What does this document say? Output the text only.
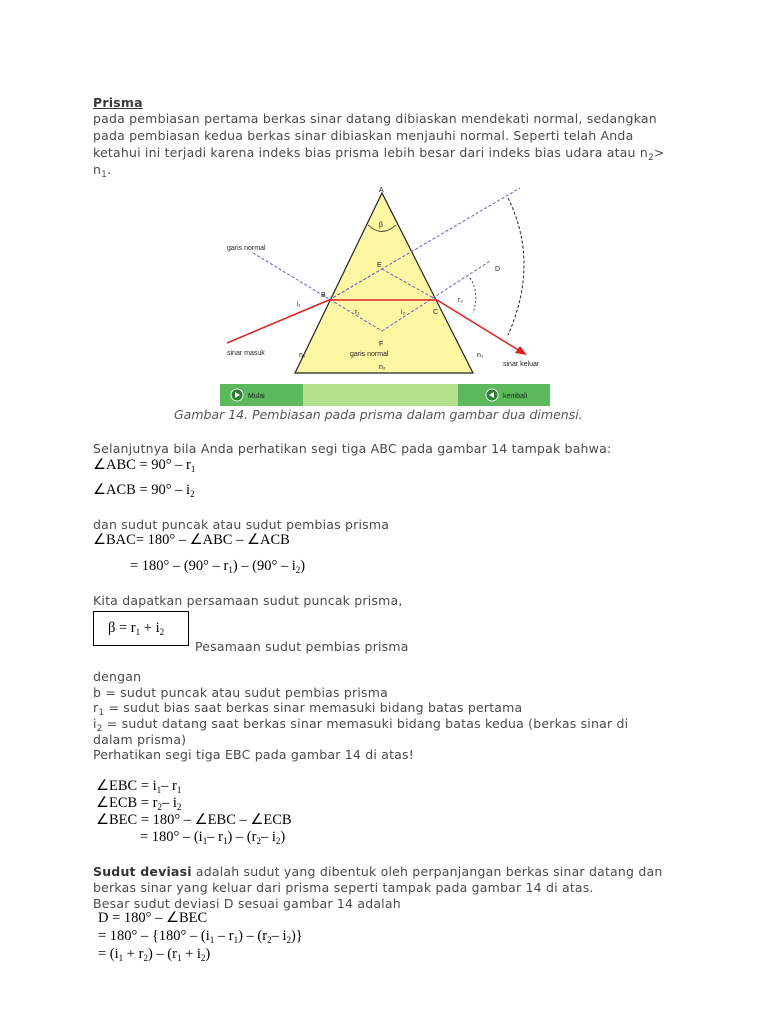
Prisma
pada pembiasan pertama berkas sinar datang dibiaskan mendekati normal, sedangkan
pada pembiasan kedua berkas sinar dibiaskan menjauhi normal. Seperti telah Anda
ketahui ini terjadi karena indeks bias prisma lebih besar dari indeks bias udara atau $n_2>$
$n_1$.
A
B
C
E
F
D
β
garis normal
garis normal
i₁
r₁	i₂
r₂
n₁
n₂
n₁
sinar masuk
sinar keluar
Mulai	kembali
Gambar 14. Pembiasan pada prisma dalam gambar dua dimensi.
Selanjutnya bila Anda perhatikan segi tiga ABC pada gambar 14 tampak bahwa:
∠ABC = $90^\circ - r_1$
∠ACB = $90^\circ - i_2$
dan sudut puncak atau sudut pembias prisma
∠BAC= 180° – ∠ABC – ∠ACB
= $180^\circ - (90^\circ - r_1) - (90^\circ - i_2)$
Kita dapatkan persamaan sudut puncak prisma,
$\beta = r_1 + i_2$
Pesamaan sudut pembias prisma
dengan
b = sudut puncak atau sudut pembias prisma
$r_1$ = sudut bias saat berkas sinar memasuki bidang batas pertama
$i_2$ = sudut datang saat berkas sinar memasuki bidang batas kedua (berkas sinar di
dalam prisma)
Perhatikan segi tiga EBC pada gambar 14 di atas!
∠EBC = $i_1-$ $r_1$
∠ECB = $r_2-$ $i_2$
∠BEC = 180° – ∠EBC – ∠ECB
= $180^\circ - (i_1-$ $r_1) - (r_2-$ $i_2$)
Sudut deviasi adalah sudut yang dibentuk oleh perpanjangan berkas sinar datang dan
berkas sinar yang keluar dari prisma seperti tampak pada gambar 14 di atas.
Besar sudut deviasi D sesuai gambar 14 adalah
D = 180° – ∠BEC
= $180^\circ - \{180^\circ - (i_1 - r_1) - (r_2-$ $i_2$)}
= $(i_1 + r_2) - (r_1 + i_2)$
